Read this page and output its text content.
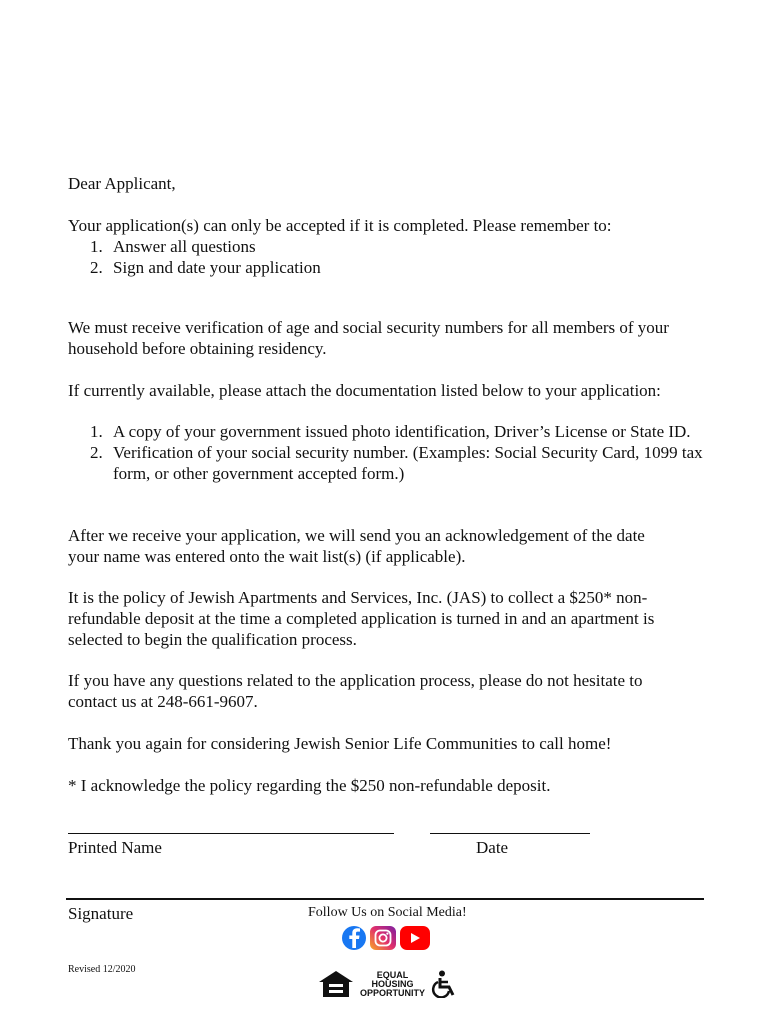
Dear Applicant,

Your application(s) can only be accepted if it is completed. Please remember to:

1. Answer all questions
2. Sign and date your application

We must receive verification of age and social security numbers for all members of your household before obtaining residency.

If currently available, please attach the documentation listed below to your application:

1. A copy of your government issued photo identification, Driver’s License or State ID.
2. Verification of your social security number. (Examples: Social Security Card, 1099 tax form, or other government accepted form.)

After we receive your application, we will send you an acknowledgement of the date your name was entered onto the wait list(s) (if applicable).

It is the policy of Jewish Apartments and Services, Inc. (JAS) to collect a $250* non-refundable deposit at the time a completed application is turned in and an apartment is selected to begin the qualification process.

If you have any questions related to the application process, please do not hesitate to contact us at 248-661-9607.

Thank you again for considering Jewish Senior Life Communities to call home!

* I acknowledge the policy regarding the $250 non-refundable deposit.

Printed Name	Date

Signature	Follow Us on Social Media!

Revised 12/2020	EQUAL
HOUSING
OPPORTUNITY
